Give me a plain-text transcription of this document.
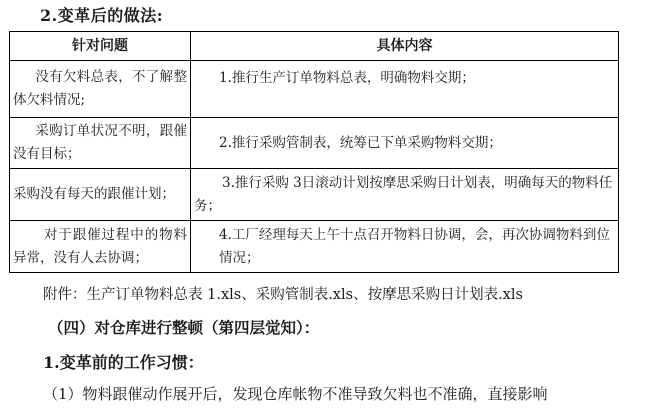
2.变革后的做法:
针对问题	具体内容
没有欠料总表，不了解整体欠料情况;	1.推行生产订单物料总表，明确物料交期；
采购订单状况不明，跟催没有目标；	2.推行采购管制表，统筹已下单采购物料交期；
采购没有每天的跟催计划；	3.推行采购 3日滚动计划按摩思采购日计划表，明确每天的物料任务；
对于跟催过程中的物料异常，没有人去协调；	4.工厂经理每天上午十点召开物料日协调，会，再次协调物料到位情况；
附件：生产订单物料总表 1.xls、采购管制表.xls、按摩思采购日计划表.xls
（四）对仓库进行整顿（第四层觉知）：
1.变革前的工作习惯：
（1）物料跟催动作展开后，发现仓库帐物不准导致欠料也不准确，直接影响
